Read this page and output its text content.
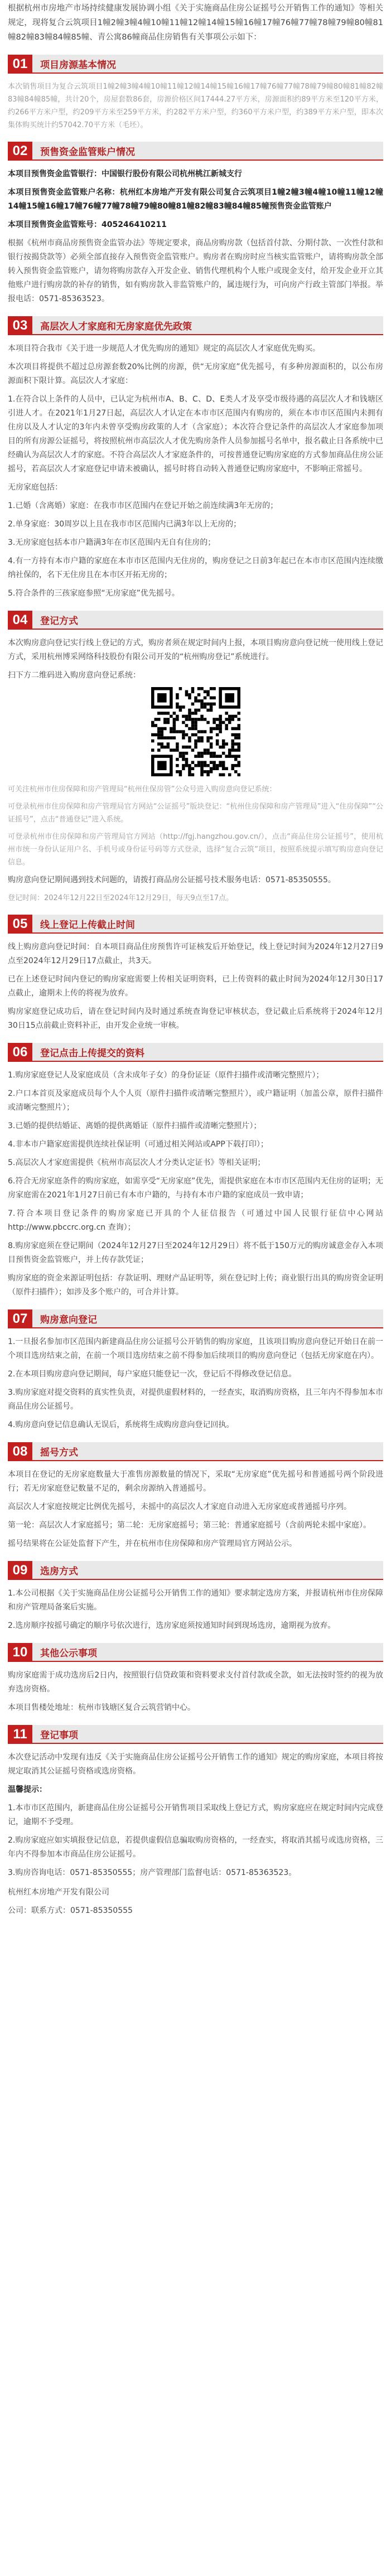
根据杭州市房地产市场持续健康发展协调小组《关于实施商品住房公证摇号公开销售工作的通知》等相关规定，现将复合云筑项目1幢2幢3幢4幢10幢11幢12幢14幢15幢16幢17幢76幢77幢78幢79幢80幢81幢82幢83幢84幢85幢、青公寓86幢商品住房销售有关事项公示如下：

01	项目房源基本情况

本次销售项目为复合云筑项目1幢2幢3幢4幢10幢11幢12幢14幢15幢16幢17幢76幢77幢78幢79幢80幢81幢82幢83幢84幢85幢，共计20个，房屋套数86套，房源价格区间17444.27平方米，房源面积约89平方米至120平方米，约266平方米户型，约209平方米至259平方米，约282平方米户型，约360平方米户型，约389平方米户型，即本次集体购买统计约57042.70平方米（毛坯）。

02	预售资金监管账户情况

本项目预售资金监管银行：中国银行股份有限公司杭州桃江新城支行

本项目预售资金监管账户名称：杭州红本房地产开发有限公司复合云筑项目1幢2幢3幢4幢10幢11幢12幢14幢15幢16幢17幢76幢77幢78幢79幢80幢81幢82幢83幢84幢85幢预售资金监管账户

本项目预售资金监管账号：405246410211

根据《杭州市商品房预售资金监管办法》等规定要求，商品房购房款（包括首付款、分期付款、一次性付款和银行按揭贷款等）必须全部直接存入预售资金监管账户。购房者在购房时应当核实监管账户，请将购房款全部转入预售资金监管账户，请勿将购房款存入开发企业、销售代理机构个人账户或现金支付，给开发企业开立其他账户进行购房款的补存的销售，如有购房款入非监管账户的，属违规行为，可向房产行政主管部门举报。举报电话：0571-85363523。

03	高层次人才家庭和无房家庭优先政策

本项目符合我市《关于进一步规范人才优先购房的通知》规定的高层次人才家庭优先购买。

本次项目将提供不超过总房源套数20%比例的房源，供“无房家庭”优先摇号，有多种房源面积的，以公布房源面积下限计算。高层次人才家庭：

1.在符合以上条件的人员中，已认定为杭州市A、B、C、D、E类人才及享受市级待遇的高层次人才和钱塘区引进人才。在2021年1月27日起，高层次人才认定在本市市区范围内有购房的，须在本市市区范围内未拥有住房以及人才认定的3年内未曾享受购房政策的人才（含家庭）；本次符合登记条件的高层次人才家庭参加项目的所有房源公证摇号，将按照杭州市高层次人才优先购房条件人员参加摇号名单中，报名截止日各系统中已经确认为高层次人才的家庭。不符合高层次人才家庭条件的，可按普通登记购房家庭的方式参加商品住房公证摇号，若高层次人才家庭登记申请未被确认，摇号时将自动转入普通登记购房家庭中，不影响正常摇号。

无房家庭包括：

1.已婚（含离婚）家庭：在我市市区范围内在登记开始之前连续满3年无房的；

2.单身家庭：30周岁以上且在我市市区范围内已满3年以上无房的；

3.无房家庭包括本市户籍满3年在市区范围内无自有住房的；

4.有一方持有本市户籍的家庭在本市市区范围内无住房的，购房登记之日前3年起已在本市市区范围内连续缴纳社保的，名下无住房且在本市区开拓无房的；

5.符合条件的三孩家庭参照“无房家庭”优先摇号。

04	登记方式

本次购房意向登记实行线上登记的方式，购房者须在规定时间内上报，本项目购房意向登记统一使用线上登记方式，采用杭州博采网络科技股份有限公司开发的“杭州购房登记”系统进行。

扫下方二维码进入购房意向登记系统：

可关注杭州市住房保障和房产管理局“杭州住保房管”公众号进入购房意向登记系统：

可登录杭州市住房保障和房产管理局官方网站“公证摇号”版块登记：“杭州住房保障和房产管理局”进入“住房保障”“公证摇号”，点击“普通登记”进入系统。

可登录杭州市住房保障和房产管理局官方网站（http://fgj.hangzhou.gov.cn/），点击“商品住房公证摇号”，使用杭州市统一身份认证用户名、手机号或身份证号码等方式登录，选择“复合云筑”项目，按照系统提示填写购房意向登记信息。

购房意向登记期间遇到技术问题的，请拨打商品房公证摇号技术服务电话：0571-85350555。

登记时间：2024年12月22日至2024年12月29日，每天9点至17点。

05	线上登记上传截止时间

线上购房意向登记时间：自本项目商品住房预售许可证核发后开始登记，线上登记时间为2024年12月27日9点至2024年12月29日17点截止，共3天。

已在上述登记时间内登记的购房家庭需要上传相关证明资料，已上传资料的截止时间为2024年12月30日17点截止，逾期未上传的将视为放弃。

购房家庭登记成功后，请在登记时间内及时通过系统查询登记审核状态，登记截止后系统将于2024年12月30日15点前截止资料补正，由开发企业统一审核。

06	登记点击上传提交的资料

1.购房家庭登记人及家庭成员（含未成年子女）的身份证证（原件扫描件或清晰完整照片）；

2.户口本首页及家庭成员每个人个人页（原件扫描件或清晰完整照片），或户籍证明（加盖公章，原件扫描件或清晰完整照片）；

3.已婚的提供结婚证、离婚的提供离婚证（原件扫描件或清晰完整照片）；

4.非本市户籍家庭需提供连续社保证明（可通过相关网站或APP下载打印）；

5.高层次人才家庭需提供《杭州市高层次人才分类认定证书》等相关证明；

6.符合无房家庭条件的购房家庭，如需享受“无房家庭”优先，需提供家庭在本市市区范围内无住房的证明；无房家庭需在2021年1月27日前已有本市户籍的，与持有本市户籍的家庭成员一致申请；

7.符合本项目登记条件的购房家庭已开具的个人征信报告（可通过中国人民银行征信中心网站 http://www.pbccrc.org.cn 查询）；

8.购房家庭须在登记期间（2024年12月27日至2024年12月29日）将不低于150万元的购房诚意金存入本项目预售资金监管账户，并上传存款凭证；

购房家庭的资金来源证明包括：存款证明、理财产品证明等，须在登记时上传；商业银行出具的购房资金证明（原件扫描件）；如涉及多个账户的，可合并计算。

07	购房意向登记

1.一旦报名参加市区范围内新建商品住房公证摇号公开销售的购房家庭，且该项目购房意向登记开始日在前一个项目选房结束之前，在前一个项目选房结束之前不得参加后续项目的购房意向登记（包括无房家庭在内）。

2.在本项目购房意向登记期间，每户家庭只能登记一次，登记后不得修改登记信息。

3.购房家庭对提交资料的真实性负责，对提供虚假材料的，一经查实，取消购房资格，且三年内不得参加本市商品住房公证摇号。

4.购房意向登记信息确认无误后，系统将生成购房意向登记回执。

08	摇号方式

本项目在登记的无房家庭数量大于准售房源数量的情况下，采取“无房家庭”优先摇号和普通摇号两个阶段进行；若无房家庭登记数量不足的，剩余房源纳入普通摇号。

高层次人才家庭按规定比例优先摇号，未摇中的高层次人才家庭自动进入无房家庭或普通摇号序列。

第一轮：高层次人才家庭摇号；第二轮：无房家庭摇号；第三轮：普通家庭摇号（含前两轮未摇中家庭）。

摇号结果将在公证处监督下产生，并在杭州市住房保障和房产管理局官方网站公示。

09	选房方式

1.本公司根据《关于实施商品住房公证摇号公开销售工作的通知》要求制定选房方案，并报请杭州市住房保障和房产管理局备案后实施。

2.选房顺序按摇号确定的顺序号依次进行，选房家庭须按通知时间到现场选房，逾期视为放弃。

10	其他公示事项

购房家庭需于成功选房后2日内，按照银行信贷政策和资料要求支付首付款或全款，如无法按时签约的视为放弃选房资格。

本项目售楼处地址：杭州市钱塘区复合云筑营销中心。

11	登记事项

本次登记活动中发现有违反《关于实施商品住房公证摇号公开销售工作的通知》规定的购房家庭，本项目将按规定取消其公证摇号资格或选房资格。

温馨提示：

1.本市市区范围内，新建商品住房公证摇号公开销售项目采取线上登记方式，购房家庭应在规定时间内完成登记，逾期不予受理。

2.购房家庭应如实填报登记信息，若提供虚假信息骗取购房资格的，一经查实，将取消其摇号或选房资格，三年内不得参加本市商品住房公证摇号。

3.购房咨询电话：0571-85350555；房产管理部门监督电话：0571-85363523。

杭州红本房地产开发有限公司

公司：联系方式：0571-85350555
